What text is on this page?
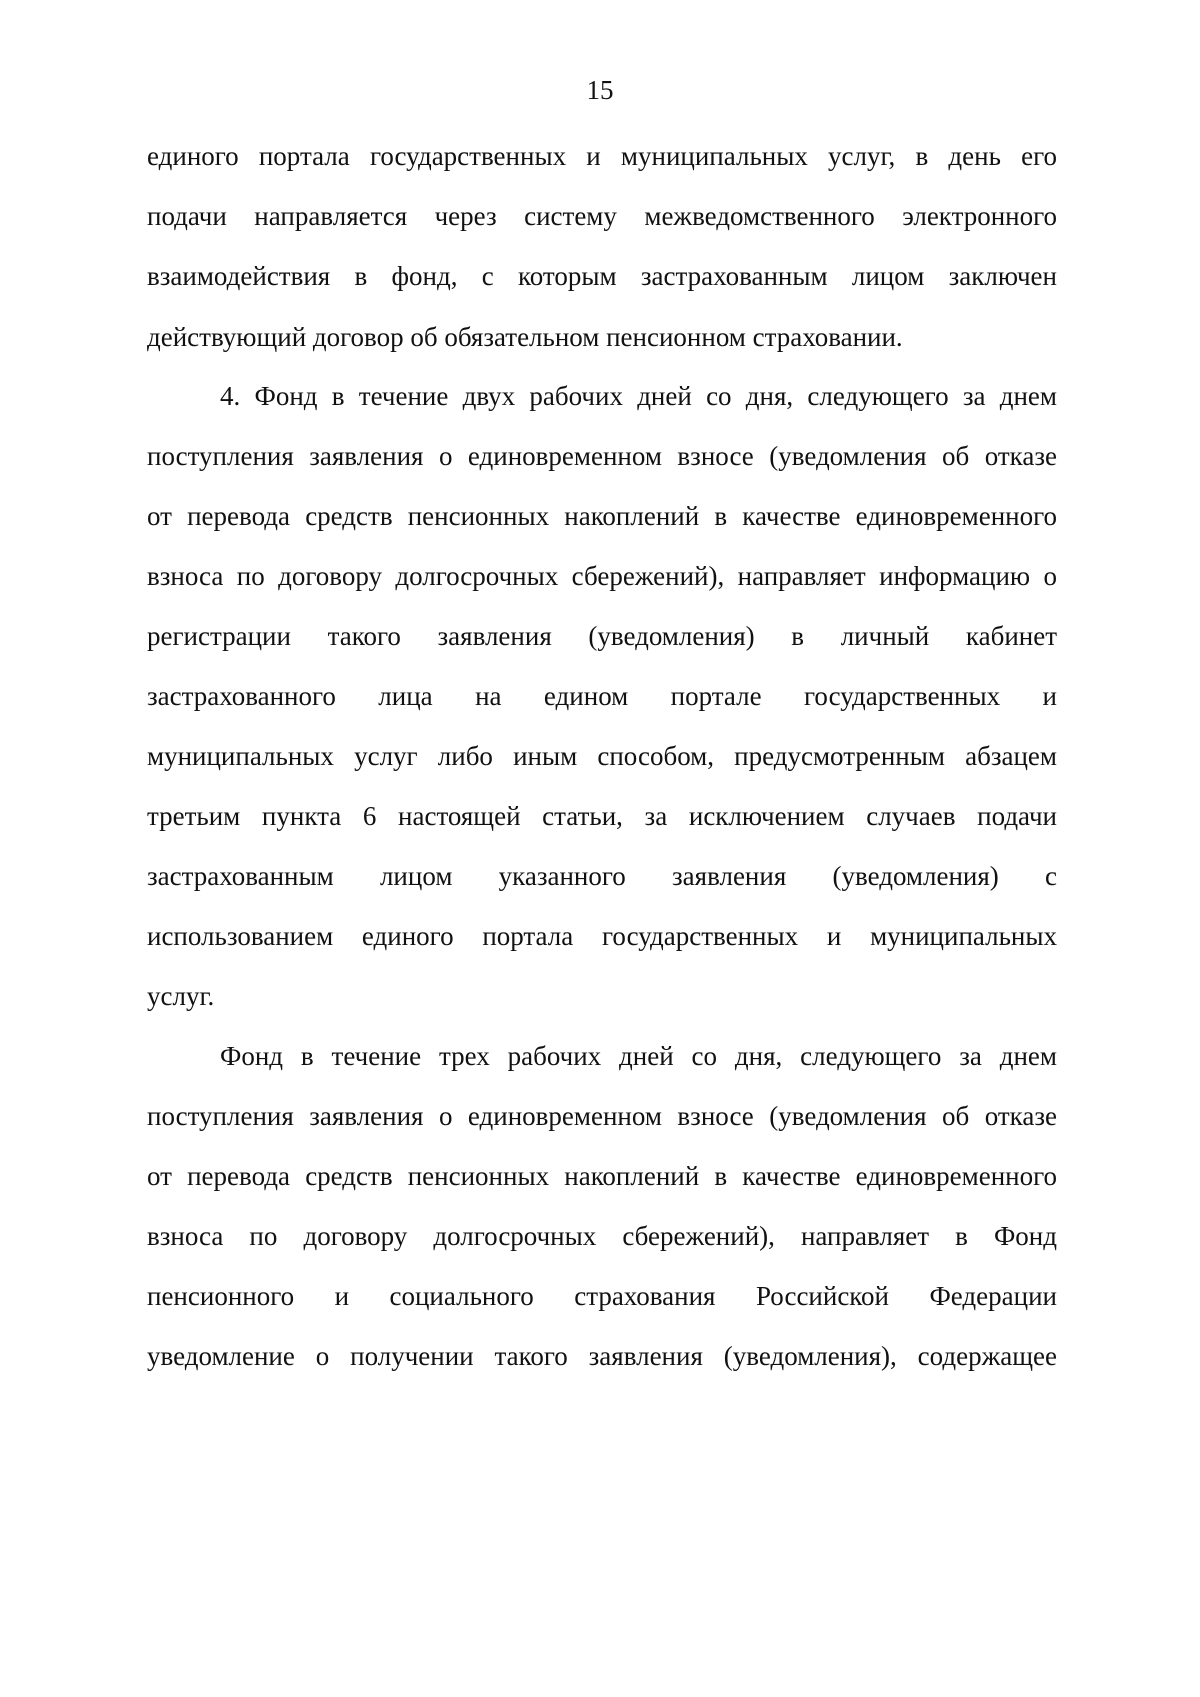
15
единого портала государственных и муниципальных услуг, в день его
подачи направляется через систему межведомственного электронного
взаимодействия в фонд, с которым застрахованным лицом заключен
действующий договор об обязательном пенсионном страховании.
4. Фонд в течение двух рабочих дней со дня, следующего за днем
поступления заявления о единовременном взносе (уведомления об отказе
от перевода средств пенсионных накоплений в качестве единовременного
взноса по договору долгосрочных сбережений), направляет информацию о
регистрации такого заявления (уведомления) в личный кабинет
застрахованного лица на едином портале государственных и
муниципальных услуг либо иным способом, предусмотренным абзацем
третьим пункта 6 настоящей статьи, за исключением случаев подачи
застрахованным лицом указанного заявления (уведомления) с
использованием единого портала государственных и муниципальных
услуг.
Фонд в течение трех рабочих дней со дня, следующего за днем
поступления заявления о единовременном взносе (уведомления об отказе
от перевода средств пенсионных накоплений в качестве единовременного
взноса по договору долгосрочных сбережений), направляет в Фонд
пенсионного и социального страхования Российской Федерации
уведомление о получении такого заявления (уведомления), содержащее
